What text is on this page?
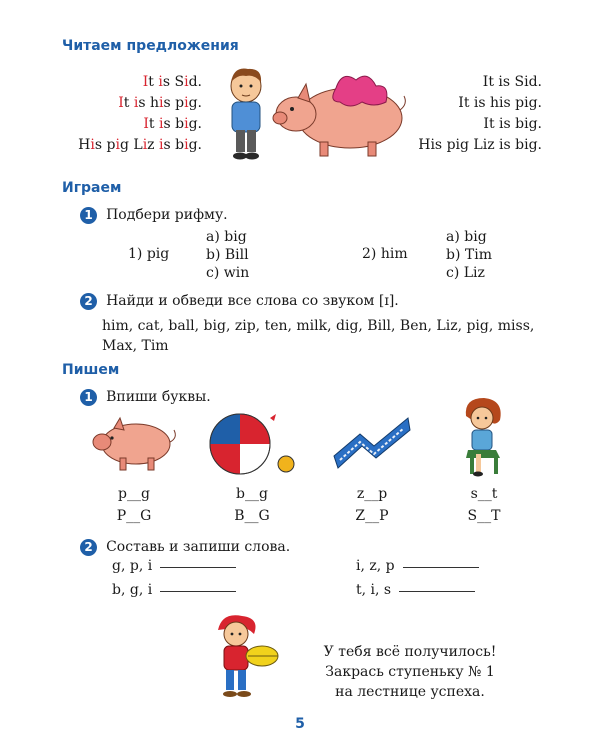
Читаем предложения
It is Sid.
It is his pig.
It is big.
His pig Liz is big.
It is Sid.
It is his pig.
It is big.
His pig Liz is big.
Играем
1 Подбери рифму.
1) pig
a) big
b) Bill
c) win
2) him
a) big
b) Tim
c) Liz
2 Найди и обведи все слова со звуком [ɪ].
him, cat, ball, big, zip, ten, milk, dig, Bill, Ben, Liz, pig, miss,
Max, Tim
Пишем
1 Впиши буквы.
p__g
P__G
b__g
B__G
z__p
Z__P
s__t
S__T
2 Составь и запиши слова.
g, p, i
b, g, i
i, z, p
t, i, s
У тебя всё получилось!
Закрась ступеньку № 1
на лестнице успеха.
5
